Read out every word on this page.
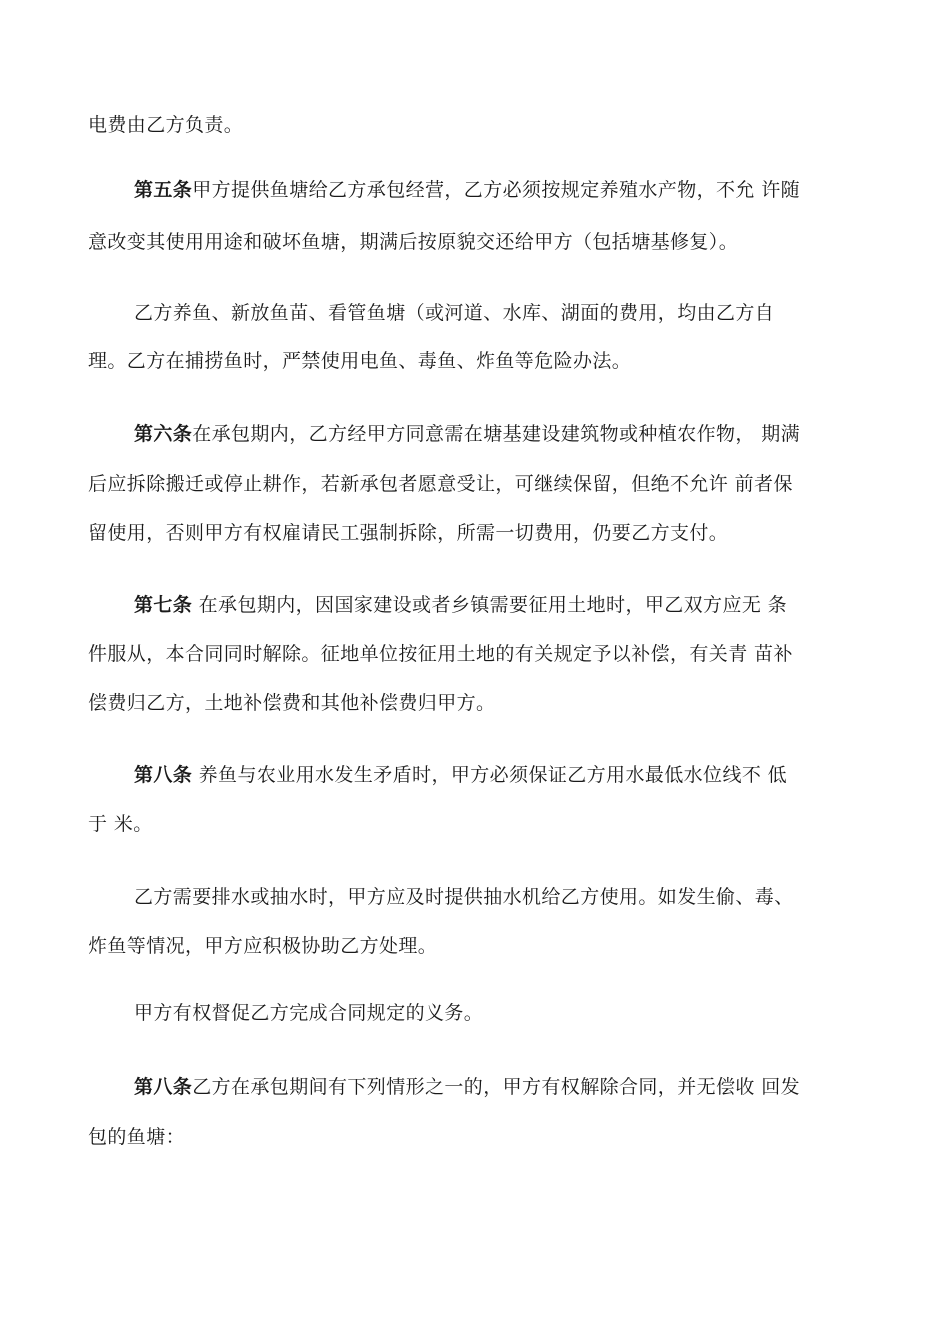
电费由乙方负责。
第五条甲方提供鱼塘给乙方承包经营，乙方必须按规定养殖水产物，不允 许随
意改变其使用用途和破坏鱼塘，期满后按原貌交还给甲方（包括塘基修复）。
乙方养鱼、新放鱼苗、看管鱼塘（或河道、水库、湖面的费用，均由乙方自
理。乙方在捕捞鱼时，严禁使用电鱼、毒鱼、炸鱼等危险办法。
第六条在承包期内，乙方经甲方同意需在塘基建设建筑物或种植农作物， 期满
后应拆除搬迁或停止耕作，若新承包者愿意受让，可继续保留，但绝不允许 前者保
留使用，否则甲方有权雇请民工强制拆除，所需一切费用，仍要乙方支付。
第七条 在承包期内，因国家建设或者乡镇需要征用土地时，甲乙双方应无 条
件服从，本合同同时解除。征地单位按征用土地的有关规定予以补偿，有关青 苗补
偿费归乙方，土地补偿费和其他补偿费归甲方。
第八条 养鱼与农业用水发生矛盾时，甲方必须保证乙方用水最低水位线不 低
于 米。
乙方需要排水或抽水时，甲方应及时提供抽水机给乙方使用。如发生偷、毒、
炸鱼等情况，甲方应积极协助乙方处理。
甲方有权督促乙方完成合同规定的义务。
第八条乙方在承包期间有下列情形之一的，甲方有权解除合同，并无偿收 回发
包的鱼塘：
